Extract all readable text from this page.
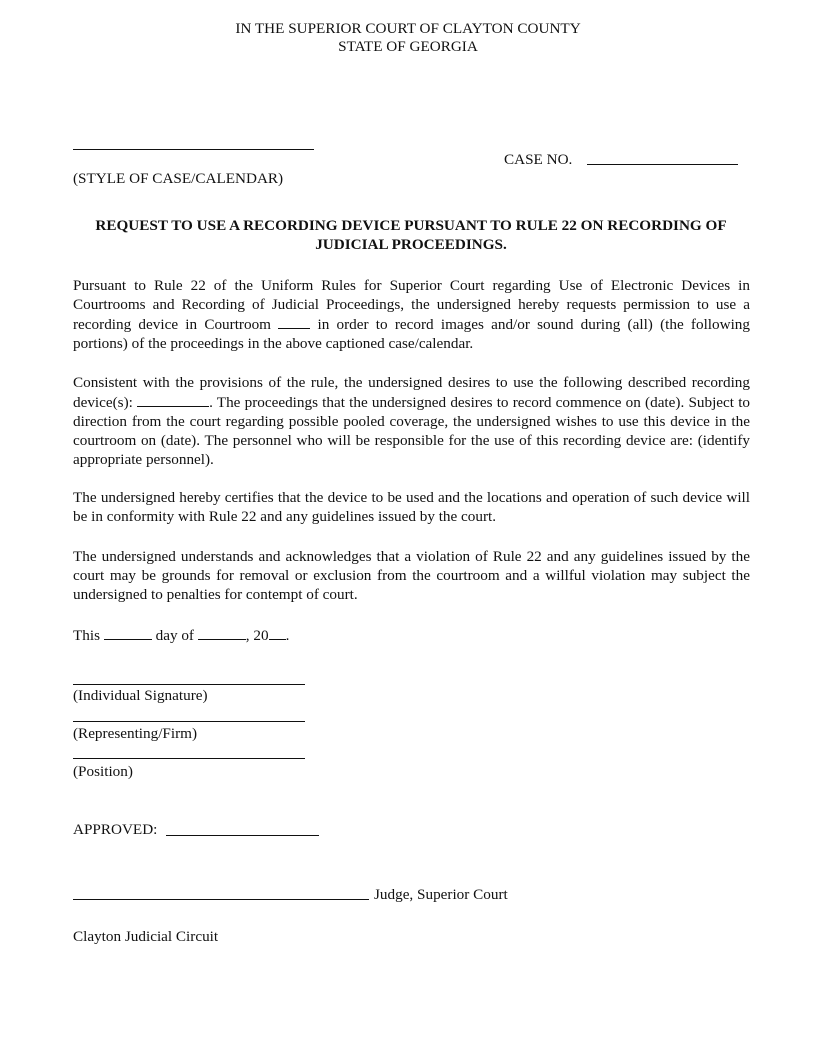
IN THE SUPERIOR COURT OF CLAYTON COUNTY
STATE OF GEORGIA
(STYLE OF CASE/CALENDAR)
CASE NO.
REQUEST TO USE A RECORDING DEVICE PURSUANT TO RULE 22 ON RECORDING OF
JUDICIAL PROCEEDINGS.

Pursuant to Rule 22 of the Uniform Rules for Superior Court regarding Use of Electronic Devices in Courtrooms and Recording of Judicial Proceedings, the undersigned hereby requests permission to use a recording device in Courtroom	in order to record images and/or sound during (all) (the following portions) of the proceedings in the above captioned case/calendar.

Consistent with the provisions of the rule, the undersigned desires to use the following described recording device(s):	. The proceedings that the undersigned desires to record commence on (date). Subject to direction from the court regarding possible pooled coverage, the undersigned wishes to use this device in the courtroom on (date). The personnel who will be responsible for the use of this recording device are: (identify appropriate personnel).

The undersigned hereby certifies that the device to be used and the locations and operation of such device will be in conformity with Rule 22 and any guidelines issued by the court.

The undersigned understands and acknowledges that a violation of Rule 22 and any guidelines issued by the court may be grounds for removal or exclusion from the courtroom and a willful violation may subject the undersigned to penalties for contempt of court.

This	day of	, 20 .
(Individual Signature)
(Representing/Firm)
(Position)
APPROVED:
Judge, Superior Court
Clayton Judicial Circuit
